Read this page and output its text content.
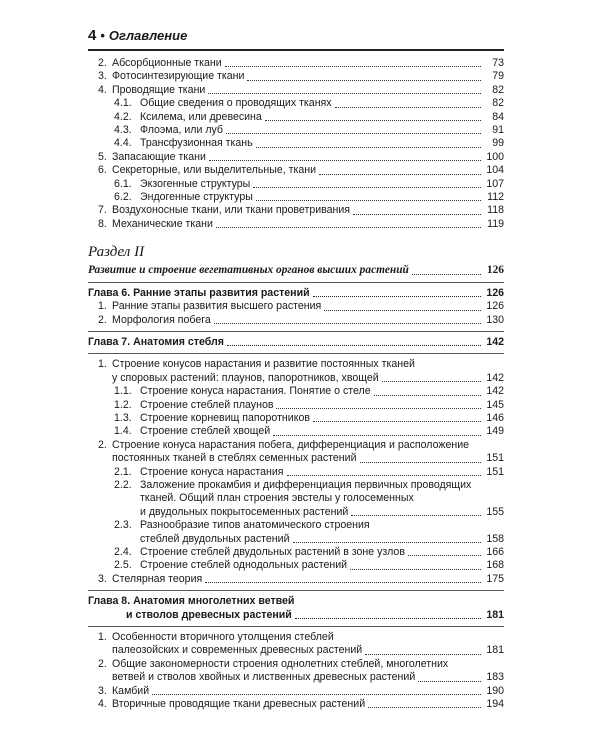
4 • Оглавление
2. Абсорбционные ткани	73
3. Фотосинтезирующие ткани	79
4. Проводящие ткани	82
4.1. Общие сведения о проводящих тканях	82
4.2. Ксилема, или древесина	84
4.3. Флоэма, или луб	91
4.4. Трансфузионная ткань	99
5. Запасающие ткани	100
6. Секреторные, или выделительные, ткани	104
6.1. Экзогенные структуры	107
6.2. Эндогенные структуры	112
7. Воздухоносные ткани, или ткани проветривания	118
8. Механические ткани	119
Раздел II
Развитие и строение вегетативных органов высших растений	126
Глава 6. Ранние этапы развития растений	126
1. Ранние этапы развития высшего растения	126
2. Морфология побега	130
Глава 7. Анатомия стебля	142
1. Строение конусов нарастания и развитие постоянных тканей
у споровых растений: плаунов, папоротников, хвощей	142
1.1. Строение конуса нарастания. Понятие о стеле	142
1.2. Строение стеблей плаунов	145
1.3. Строение корневищ папоротников	146
1.4. Строение стеблей хвощей	149
2. Строение конуса нарастания побега, дифференциация и расположение
постоянных тканей в стеблях семенных растений	151
2.1. Строение конуса нарастания	151
2.2. Заложение прокамбия и дифференциация первичных проводящих
тканей. Общий план строения эвстелы у голосеменных
и двудольных покрытосеменных растений	155
2.3. Разнообразие типов анатомического строения
стеблей двудольных растений	158
2.4. Строение стеблей двудольных растений в зоне узлов	166
2.5. Строение стеблей однодольных растений	168
3. Стелярная теория	175
Глава 8. Анатомия многолетних ветвей
и стволов древесных растений	181
1. Особенности вторичного утолщения стеблей
палеозойских и современных древесных растений	181
2. Общие закономерности строения однолетних стеблей, многолетних
ветвей и стволов хвойных и лиственных древесных растений	183
3. Камбий	190
4. Вторичные проводящие ткани древесных растений	194
